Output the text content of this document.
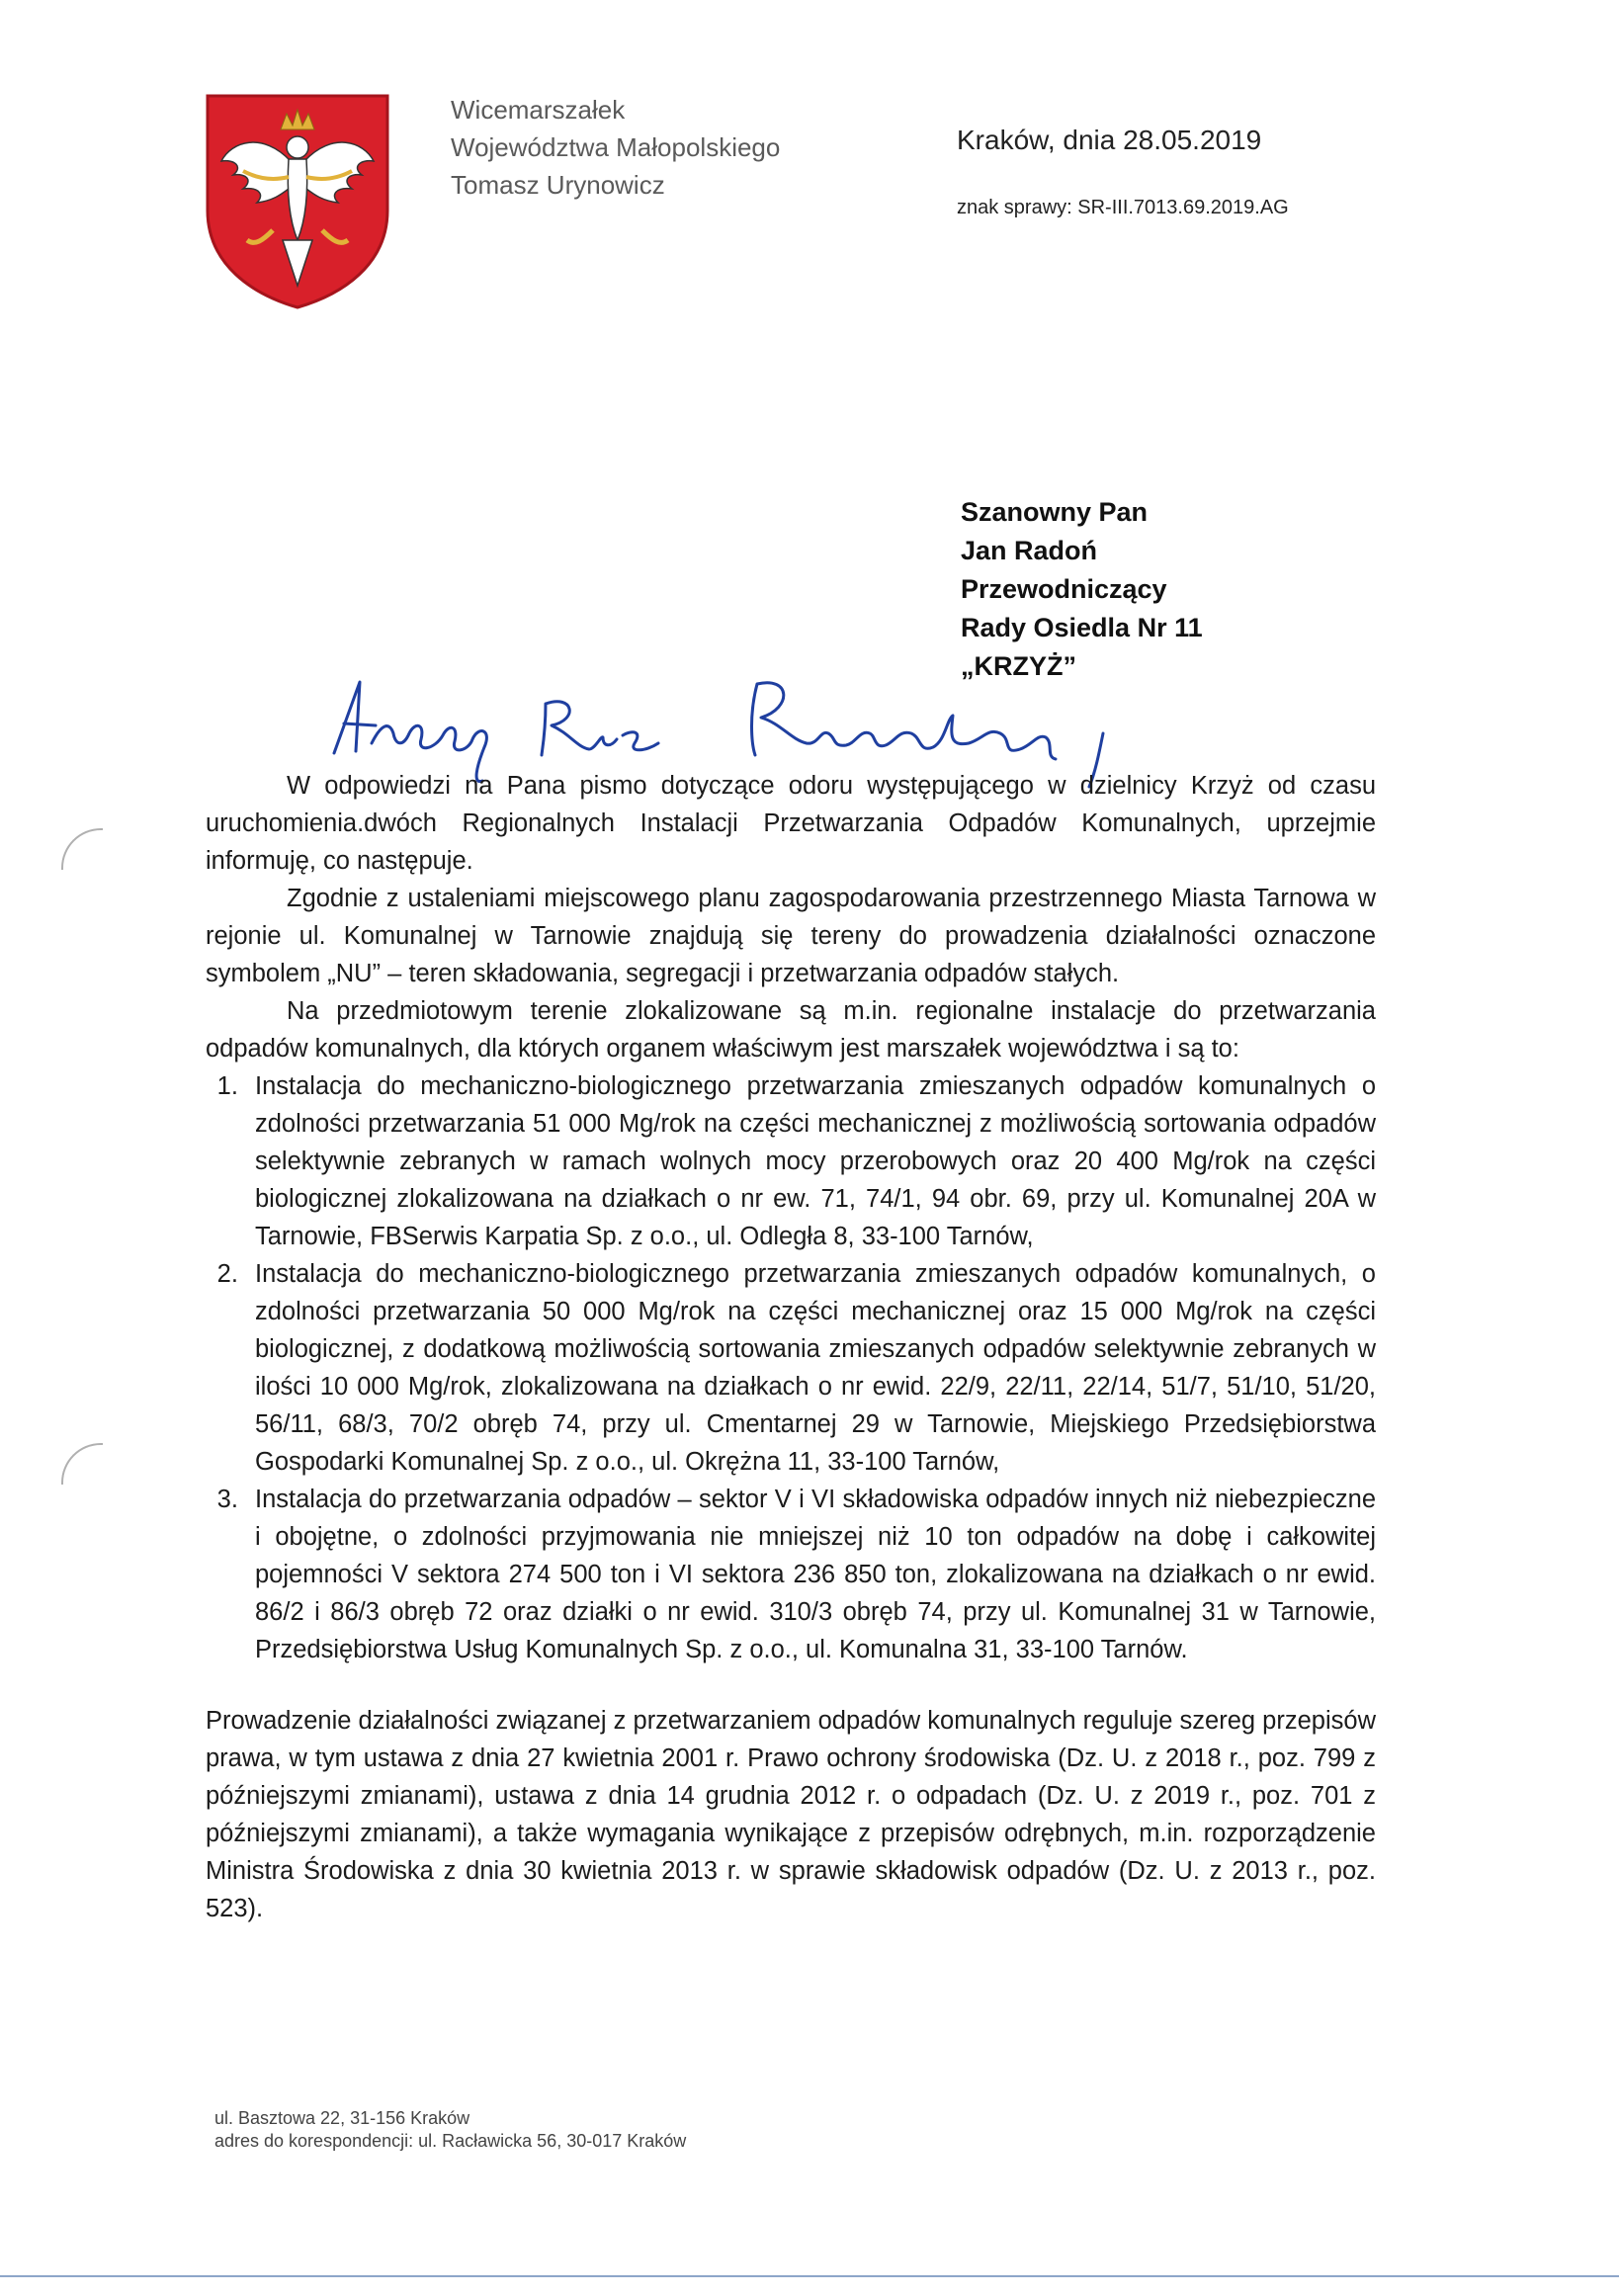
Wicemarszałek
Województwa Małopolskiego
Tomasz Urynowicz
Kraków, dnia 28.05.2019
znak sprawy: SR-III.7013.69.2019.AG
Szanowny Pan
Jan Radoń
Przewodniczący
Rady Osiedla Nr 11
„KRZYŻ”

W odpowiedzi na Pana pismo dotyczące odoru występującego w dzielnicy Krzyż od czasu uruchomienia.dwóch Regionalnych Instalacji Przetwarzania Odpadów Komunalnych, uprzejmie informuję, co następuje.

Zgodnie z ustaleniami miejscowego planu zagospodarowania przestrzennego Miasta Tarnowa w rejonie ul. Komunalnej w Tarnowie znajdują się tereny do prowadzenia działalności oznaczone symbolem „NU” – teren składowania, segregacji i przetwarzania odpadów stałych.

Na przedmiotowym terenie zlokalizowane są m.in. regionalne instalacje do przetwarzania odpadów komunalnych, dla których organem właściwym jest marszałek województwa i są to:

1. Instalacja do mechaniczno-biologicznego przetwarzania zmieszanych odpadów komunalnych o zdolności przetwarzania 51 000 Mg/rok na części mechanicznej z możliwością sortowania odpadów selektywnie zebranych w ramach wolnych mocy przerobowych oraz 20 400 Mg/rok na części biologicznej zlokalizowana na działkach o nr ew. 71, 74/1, 94 obr. 69, przy ul. Komunalnej 20A w Tarnowie, FBSerwis Karpatia Sp. z o.o., ul. Odległa 8, 33-100 Tarnów,
2. Instalacja do mechaniczno-biologicznego przetwarzania zmieszanych odpadów komunalnych, o zdolności przetwarzania 50 000 Mg/rok na części mechanicznej oraz 15 000 Mg/rok na części biologicznej, z dodatkową możliwością sortowania zmieszanych odpadów selektywnie zebranych w ilości 10 000 Mg/rok, zlokalizowana na działkach o nr ewid. 22/9, 22/11, 22/14, 51/7, 51/10, 51/20, 56/11, 68/3, 70/2 obręb 74, przy ul. Cmentarnej 29 w Tarnowie, Miejskiego Przedsiębiorstwa Gospodarki Komunalnej Sp. z o.o., ul. Okrężna 11, 33-100 Tarnów,
3. Instalacja do przetwarzania odpadów – sektor V i VI składowiska odpadów innych niż niebezpieczne i obojętne, o zdolności przyjmowania nie mniejszej niż 10 ton odpadów na dobę i całkowitej pojemności V sektora 274 500 ton i VI sektora 236 850 ton, zlokalizowana na działkach o nr ewid. 86/2 i 86/3 obręb 72 oraz działki o nr ewid. 310/3 obręb 74, przy ul. Komunalnej 31 w Tarnowie, Przedsiębiorstwa Usług Komunalnych Sp. z o.o., ul. Komunalna 31, 33-100 Tarnów.

Prowadzenie działalności związanej z przetwarzaniem odpadów komunalnych reguluje szereg przepisów prawa, w tym ustawa z dnia 27 kwietnia 2001 r. Prawo ochrony środowiska (Dz. U. z 2018 r., poz. 799 z późniejszymi zmianami), ustawa z dnia 14 grudnia 2012 r. o odpadach (Dz. U. z 2019 r., poz. 701 z późniejszymi zmianami), a także wymagania wynikające z przepisów odrębnych, m.in. rozporządzenie Ministra Środowiska z dnia 30 kwietnia 2013 r. w sprawie składowisk odpadów (Dz. U. z 2013 r., poz. 523).

ul. Basztowa 22, 31-156 Kraków
adres do korespondencji: ul. Racławicka 56, 30-017 Kraków
